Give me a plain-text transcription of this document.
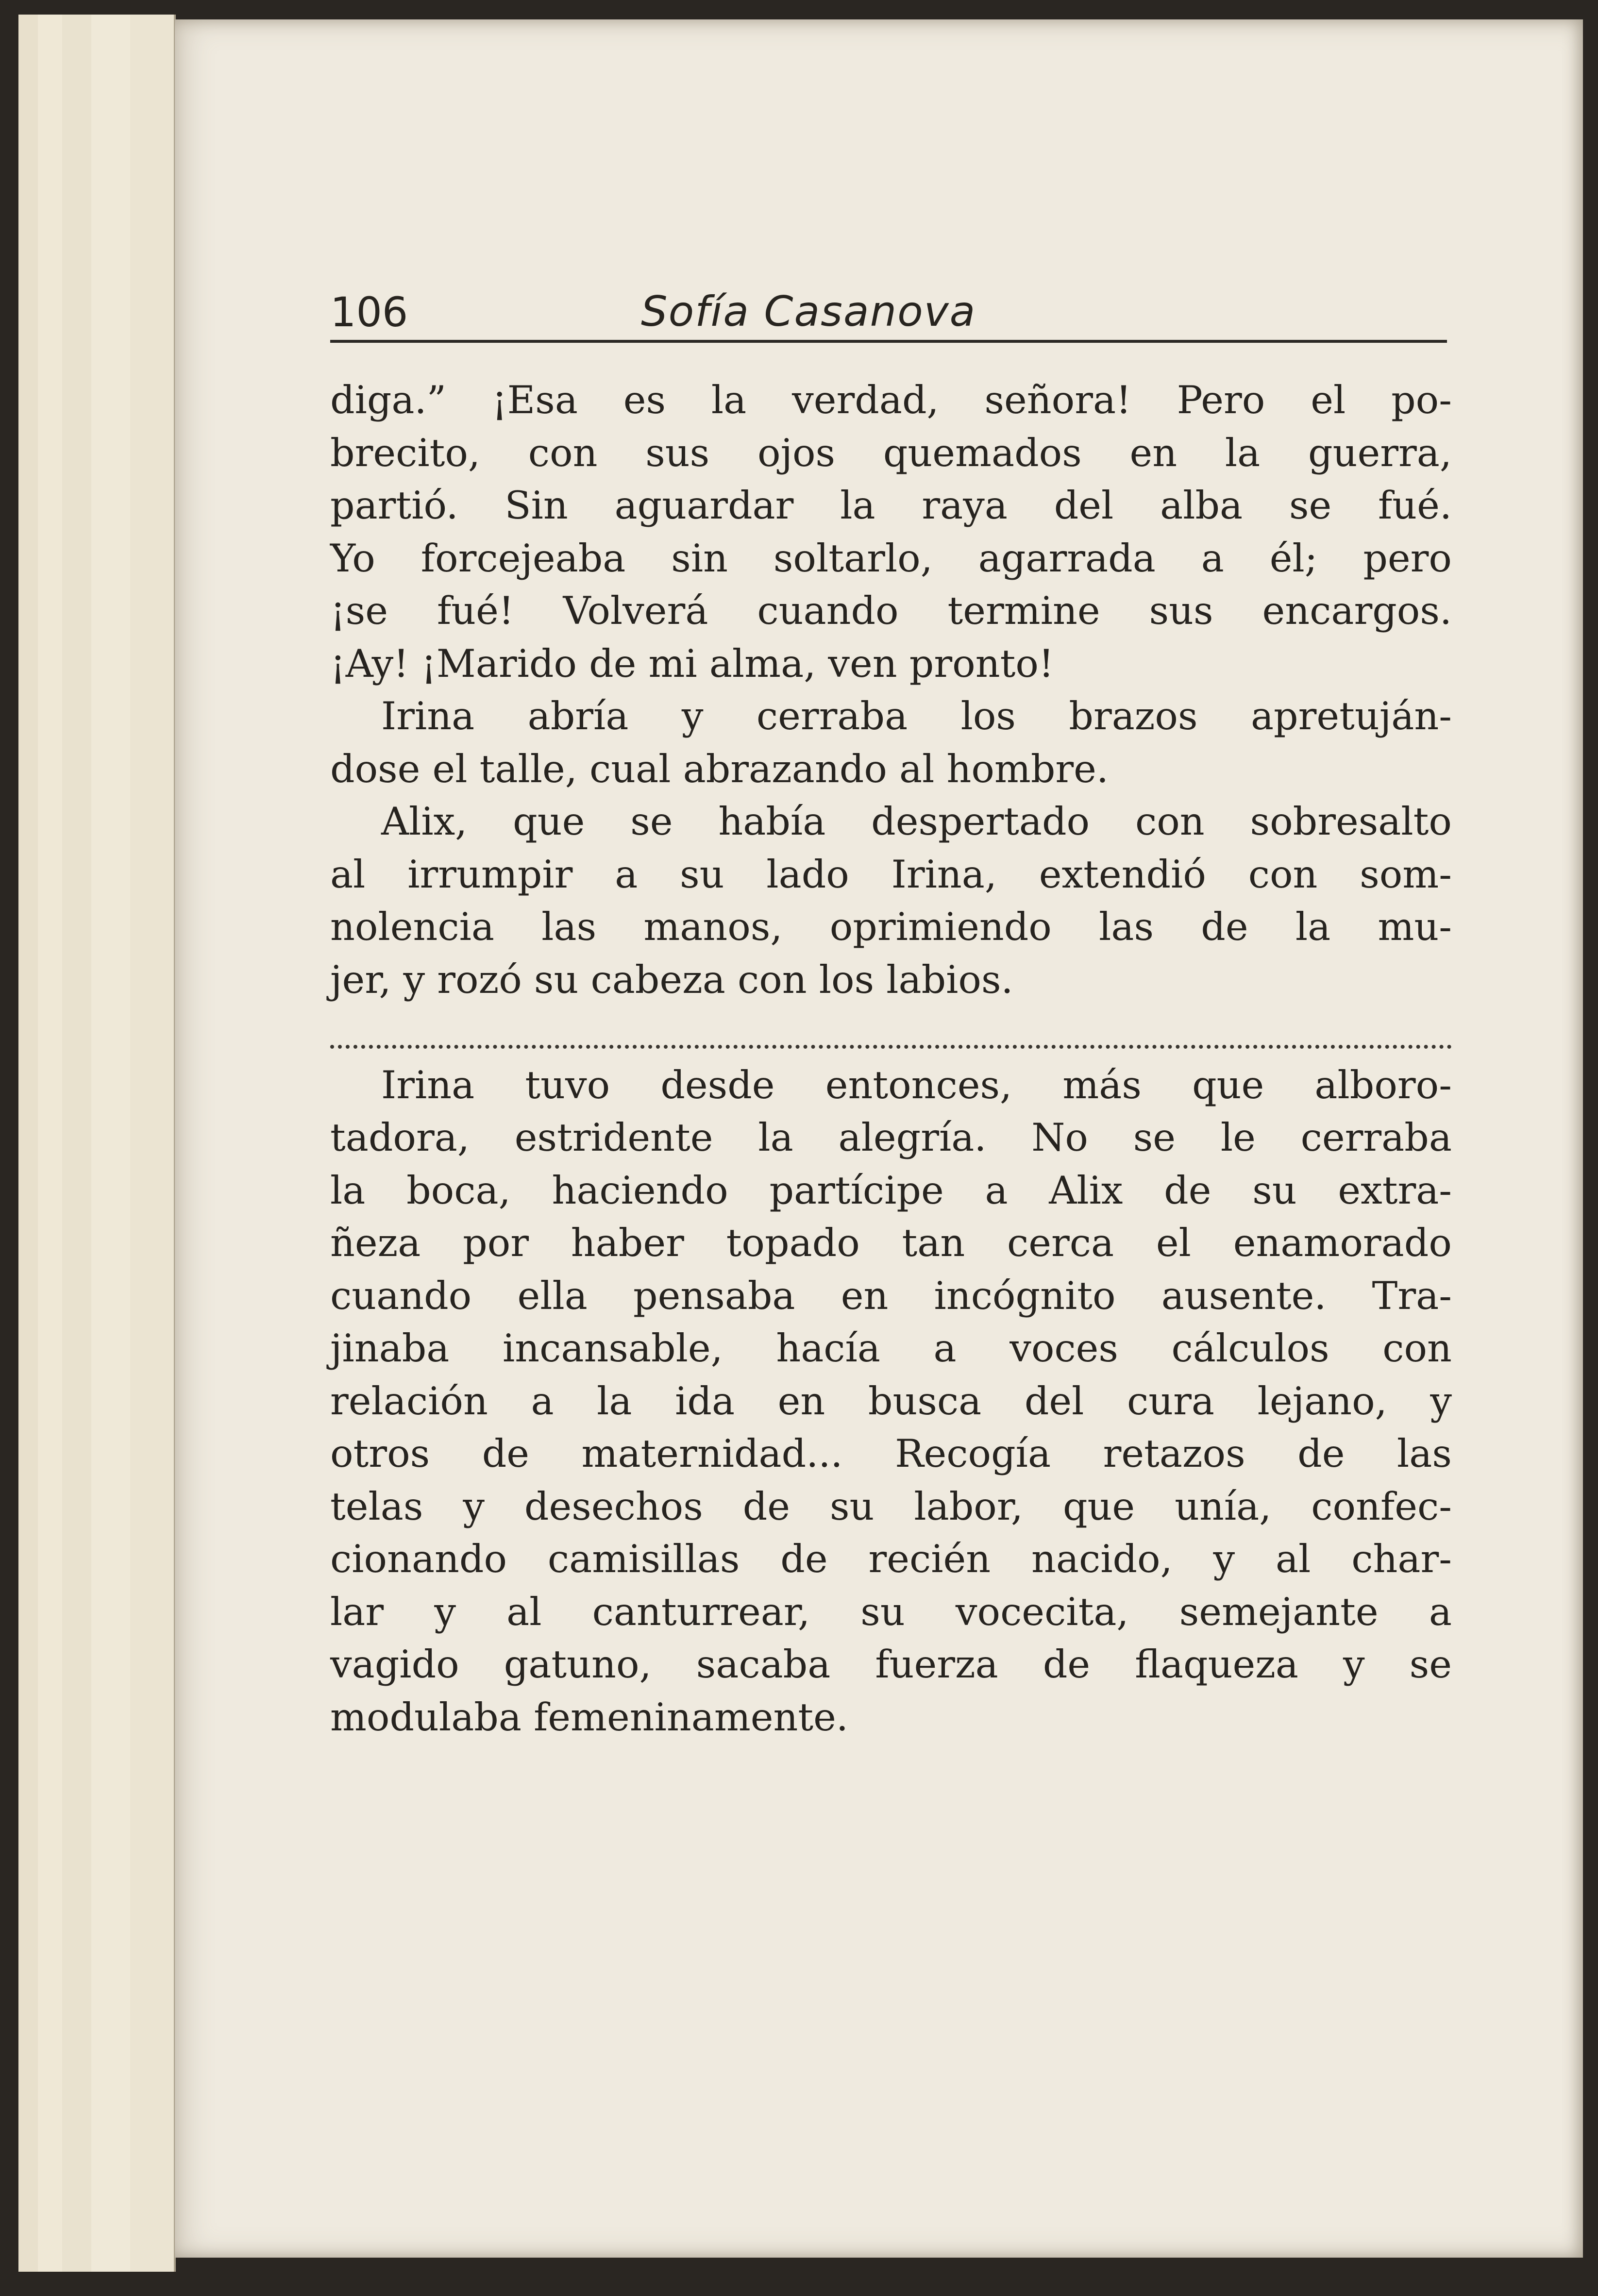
106	Sofía Casanova
diga.” ¡Esa es la verdad, señora! Pero el po-
brecito, con sus ojos quemados en la guerra,
partió. Sin aguardar la raya del alba se fué.
Yo forcejeaba sin soltarlo, agarrada a él; pero
¡se fué! Volverá cuando termine sus encargos.
¡Ay! ¡Marido de mi alma, ven pronto!
Irina abría y cerraba los brazos apretuján-
dose el talle, cual abrazando al hombre.
Alix, que se había despertado con sobresalto
al irrumpir a su lado Irina, extendió con som-
nolencia las manos, oprimiendo las de la mu-
jer, y rozó su cabeza con los labios.
Irina tuvo desde entonces, más que alboro-
tadora, estridente la alegría. No se le cerraba
la boca, haciendo partícipe a Alix de su extra-
ñeza por haber topado tan cerca el enamorado
cuando ella pensaba en incógnito ausente. Tra-
jinaba incansable, hacía a voces cálculos con
relación a la ida en busca del cura lejano, y
otros de maternidad... Recogía retazos de las
telas y desechos de su labor, que unía, confec-
cionando camisillas de recién nacido, y al char-
lar y al canturrear, su vocecita, semejante a
vagido gatuno, sacaba fuerza de flaqueza y se
modulaba femeninamente.
